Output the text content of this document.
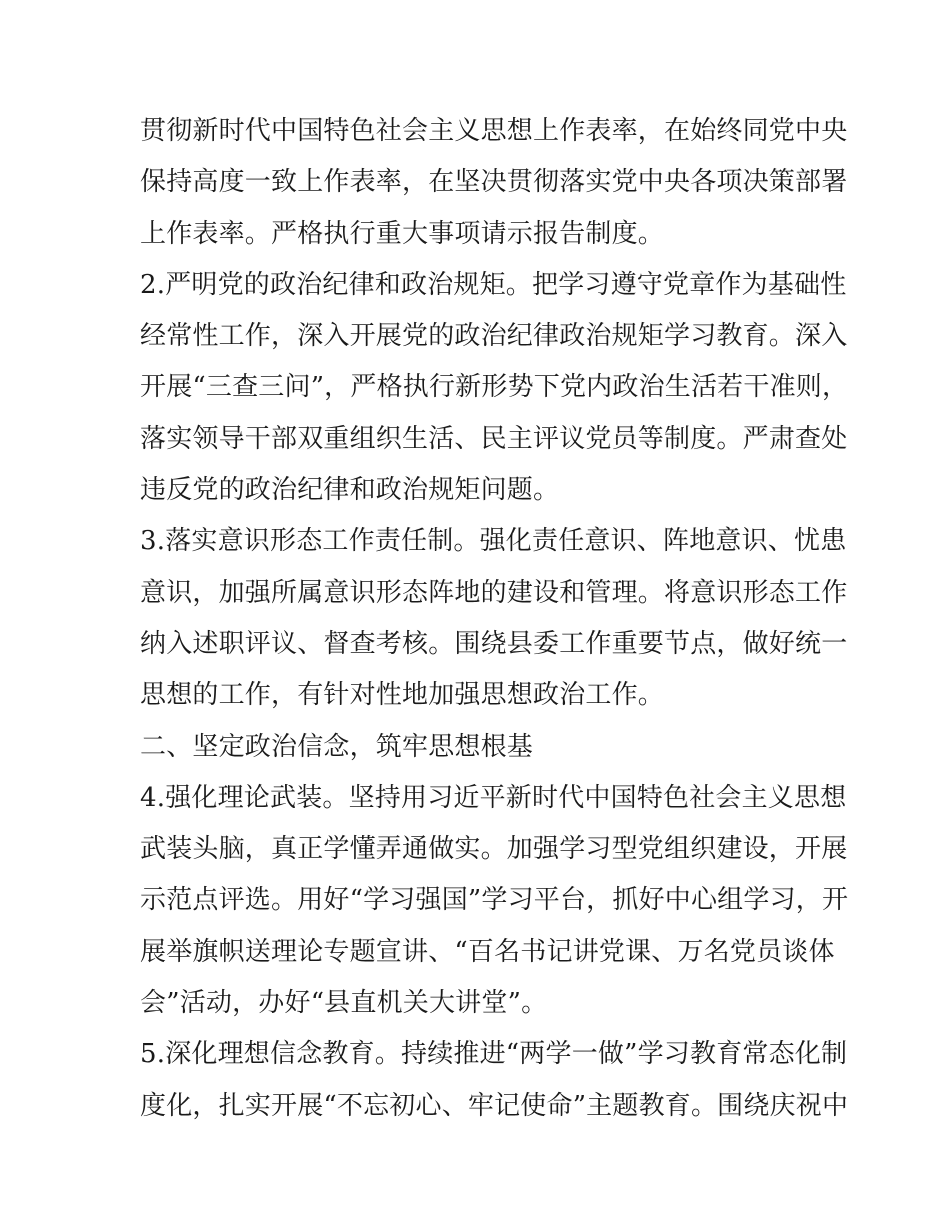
贯彻新时代中国特色社会主义思想上作表率，在始终同党中央
保持高度一致上作表率，在坚决贯彻落实党中央各项决策部署
上作表率。严格执行重大事项请示报告制度。
2.严明党的政治纪律和政治规矩。把学习遵守党章作为基础性
经常性工作，深入开展党的政治纪律政治规矩学习教育。深入
开展“三查三问”，严格执行新形势下党内政治生活若干准则，
落实领导干部双重组织生活、民主评议党员等制度。严肃查处
违反党的政治纪律和政治规矩问题。
3.落实意识形态工作责任制。强化责任意识、阵地意识、忧患
意识，加强所属意识形态阵地的建设和管理。将意识形态工作
纳入述职评议、督查考核。围绕县委工作重要节点，做好统一
思想的工作，有针对性地加强思想政治工作。
二、坚定政治信念，筑牢思想根基
4.强化理论武装。坚持用习近平新时代中国特色社会主义思想
武装头脑，真正学懂弄通做实。加强学习型党组织建设，开展
示范点评选。用好“学习强国”学习平台，抓好中心组学习，开
展举旗帜送理论专题宣讲、“百名书记讲党课、万名党员谈体
会”活动，办好“县直机关大讲堂”。
5.深化理想信念教育。持续推进“两学一做”学习教育常态化制
度化，扎实开展“不忘初心、牢记使命”主题教育。围绕庆祝中
